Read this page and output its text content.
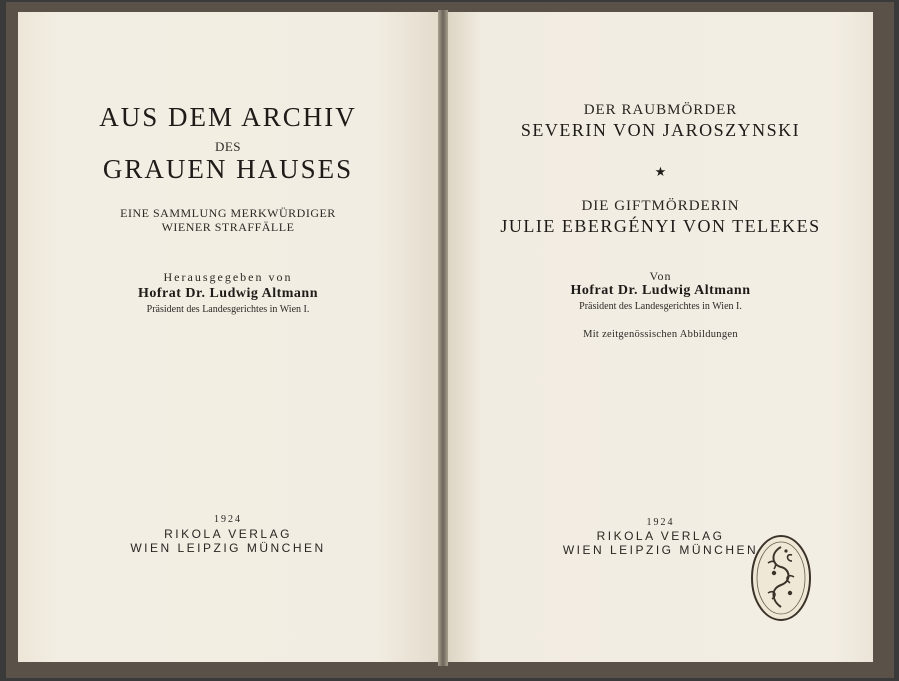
AUS DEM ARCHIV
DES
GRAUEN HAUSES
EINE SAMMLUNG MERKWÜRDIGER
WIENER STRAFFÄLLE
Herausgegeben von
Hofrat Dr. Ludwig Altmann
Präsident des Landesgerichtes in Wien I.
1924
RIKOLA VERLAG
WIEN LEIPZIG MÜNCHEN
DER RAUBMÖRDER
SEVERIN VON JAROSZYNSKI
★
DIE GIFTMÖRDERIN
JULIE EBERGÉNYI VON TELEKES
Von
Hofrat Dr. Ludwig Altmann
Präsident des Landesgerichtes in Wien I.
Mit zeitgenössischen Abbildungen
1924
RIKOLA VERLAG
WIEN LEIPZIG MÜNCHEN
